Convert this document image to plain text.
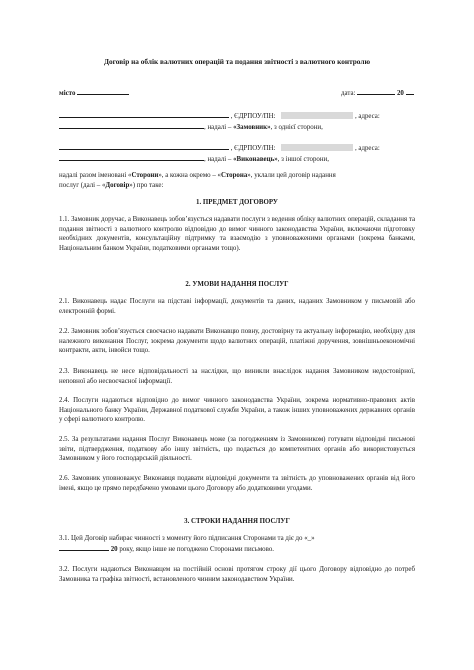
Договір на облік валютних операцій та подання звітності з валютного контролю
місто	дата:	20
, ЄДРПОУ/ПН:	, адреса:
, надалі – «Замовник», з однієї сторони,
, ЄДРПОУ/ПН:	, адреса:
, надалі – «Виконавець», з іншої сторони,
надалі разом іменовані «Сторони», а кожна окремо – «Сторона», уклали цей договір надання
послуг (далі – «Договір») про таке:
1. ПРЕДМЕТ ДОГОВОРУ
1.1. Замовник доручає, а Виконавець зобов’язується надавати послуги з ведення обліку валютних операцій, складання та подання звітності з валютного контролю відповідно до вимог чинного законодавства України, включаючи підготовку необхідних документів, консультаційну підтримку та взаємодію з уповноваженими органами (зокрема банками, Національним банком України, податковими органами тощо).
2. УМОВИ НАДАННЯ ПОСЛУГ
2.1. Виконавець надає Послуги на підставі інформації, документів та даних, наданих Замовником у письмовій або електронній формі.
2.2. Замовник зобов’язується своєчасно надавати Виконавцю повну, достовірну та актуальну інформацію, необхідну для належного виконання Послуг, зокрема документи щодо валютних операцій, платіжні доручення, зовнішньоекономічні контракти, акти, інвойси тощо.
2.3. Виконавець не несе відповідальності за наслідки, що виникли внаслідок надання Замовником недостовірної, неповної або несвоєчасної інформації.
2.4. Послуги надаються відповідно до вимог чинного законодавства України, зокрема нормативно-правових актів Національного банку України, Державної податкової служби України, а також інших уповноважених державних органів у сфері валютного контролю.
2.5. За результатами надання Послуг Виконавець може (за погодженням із Замовником) готувати відповідні письмові звіти, підтвердження, податкову або іншу звітність, що подається до компетентних органів або використовується Замовником у його господарській діяльності.
2.6. Замовник уповноважує Виконавця подавати відповідні документи та звітність до уповноважених органів від його імені, якщо це прямо передбачено умовами цього Договору або додатковими угодами.
3. СТРОКИ НАДАННЯ ПОСЛУГ
3.1. Цей Договір набирає чинності з моменту його підписання Сторонами та діє до «_»
20 року, якщо інше не погоджено Сторонами письмово.
3.2. Послуги надаються Виконавцем на постійній основі протягом строку дії цього Договору відповідно до потреб Замовника та графіка звітності, встановленого чинним законодавством України.
